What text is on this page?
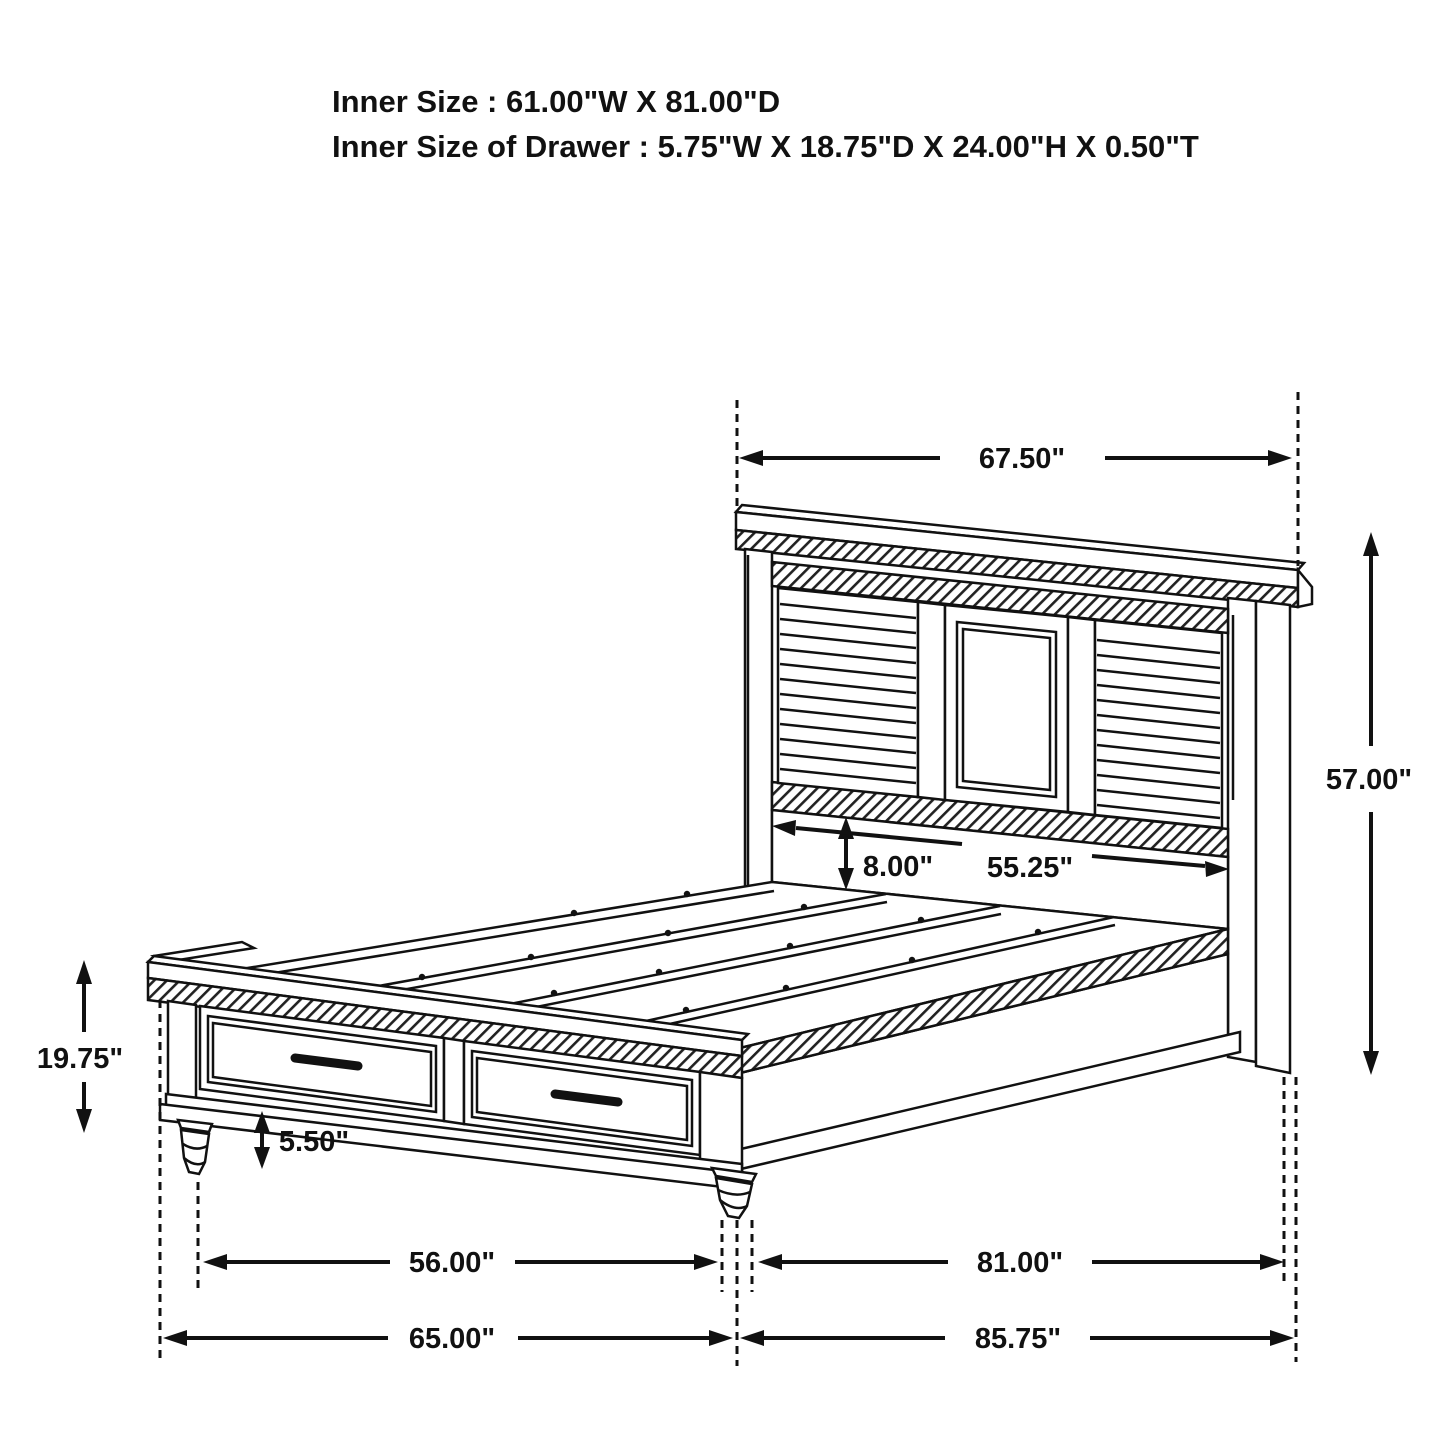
67.50"
57.00"
8.00" 55.25"
19.75"
5.50"
56.00"	81.00"
65.00"	85.75"
Inner Size : 61.00"W X 81.00"D
Inner Size of Drawer : 5.75"W X 18.75"D X 24.00"H X 0.50"T
